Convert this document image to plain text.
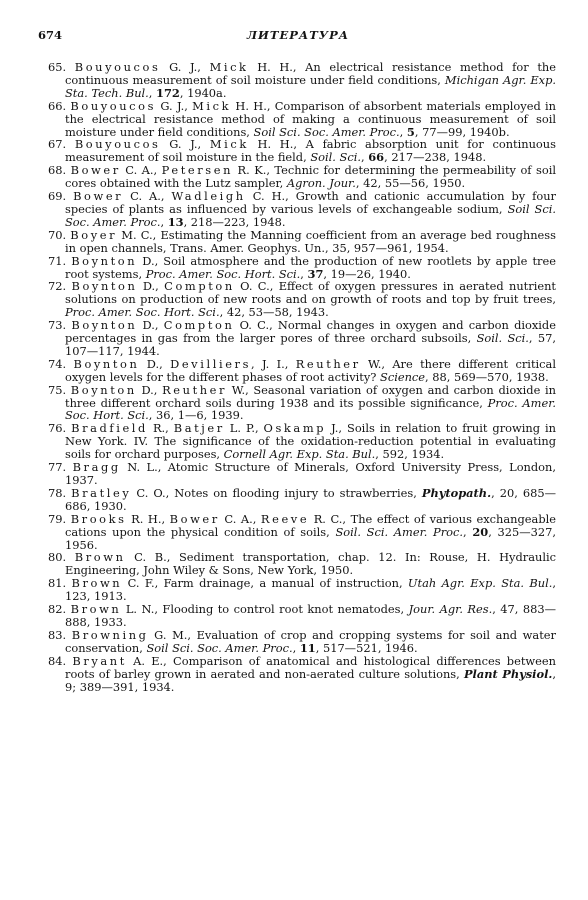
674	ЛИТЕРАТУРА

65. Bouyoucos G. J., Mick H. H., An electrical resistance method for the continuous measurement of soil moisture under field conditions, Michigan Agr. Exp. Sta. Tech. Bul., 172, 1940a.

66. Bouyoucos G. J., Mick H. H., Comparison of absorbent materials employed in the electrical resistance method of making a continuous measurement of soil moisture under field conditions, Soil Sci. Soc. Amer. Proc., 5, 77—99, 1940b.

67. Bouyoucos G. J., Mick H. H., A fabric absorption unit for continuous measurement of soil moisture in the field, Soil. Sci., 66, 217—238, 1948.

68. Bower C. A., Petersen R. K., Technic for determining the permeability of soil cores obtained with the Lutz sampler, Agron. Jour., 42, 55—56, 1950.

69. Bower C. A., Wadleigh C. H., Growth and cationic accumulation by four species of plants as influenced by various levels of exchangeable sodium, Soil Sci. Soc. Amer. Proc., 13, 218—223, 1948.

70. Boyer M. C., Estimating the Manning coefficient from an average bed roughness in open channels, Trans. Amer. Geophys. Un., 35, 957—961, 1954.

71. Boynton D., Soil atmosphere and the production of new rootlets by apple tree root systems, Proc. Amer. Soc. Hort. Sci., 37, 19—26, 1940.

72. Boynton D., Compton O. C., Effect of oxygen pressures in aerated nutrient solutions on production of new roots and on growth of roots and top by fruit trees, Proc. Amer. Soc. Hort. Sci., 42, 53—58, 1943.

73. Boynton D., Compton O. C., Normal changes in oxygen and carbon dioxide percentages in gas from the larger pores of three orchard subsoils, Soil. Sci., 57, 107—117, 1944.

74. Boynton D., Devilliers, J. I., Reuther W., Are there different critical oxygen levels for the different phases of root activity? Science, 88, 569—570, 1938.

75. Boynton D., Reuther W., Seasonal variation of oxygen and carbon dioxide in three different orchard soils during 1938 and its possible significance, Proc. Amer. Soc. Hort. Sci., 36, 1—6, 1939.

76. Bradfield R., Batjer L. P., Oskamp J., Soils in relation to fruit growing in New York. IV. The significance of the oxidation-reduction potential in evaluating soils for orchard purposes, Cornell Agr. Exp. Sta. Bul., 592, 1934.

77. Bragg N. L., Atomic Structure of Minerals, Oxford University Press, London, 1937.

78. Bratley C. O., Notes on flooding injury to strawberries, Phytopath., 20, 685—686, 1930.

79. Brooks R. H., Bower C. A., Reeve R. C., The effect of various exchangeable cations upon the physical condition of soils, Soil. Sci. Amer. Proc., 20, 325—327, 1956.

80. Brown C. B., Sediment transportation, chap. 12. In: Rouse, H. Hydraulic Engineering, John Wiley & Sons, New York, 1950.

81. Brown C. F., Farm drainage, a manual of instruction, Utah Agr. Exp. Sta. Bul., 123, 1913.

82. Brown L. N., Flooding to control root knot nematodes, Jour. Agr. Res., 47, 883—888, 1933.

83. Browning G. M., Evaluation of crop and cropping systems for soil and water conservation, Soil Sci. Soc. Amer. Proc., 11, 517—521, 1946.

84. Bryant A. E., Comparison of anatomical and histological differences between roots of barley grown in aerated and non-aerated culture solutions, Plant Physiol., 9; 389—391, 1934.
